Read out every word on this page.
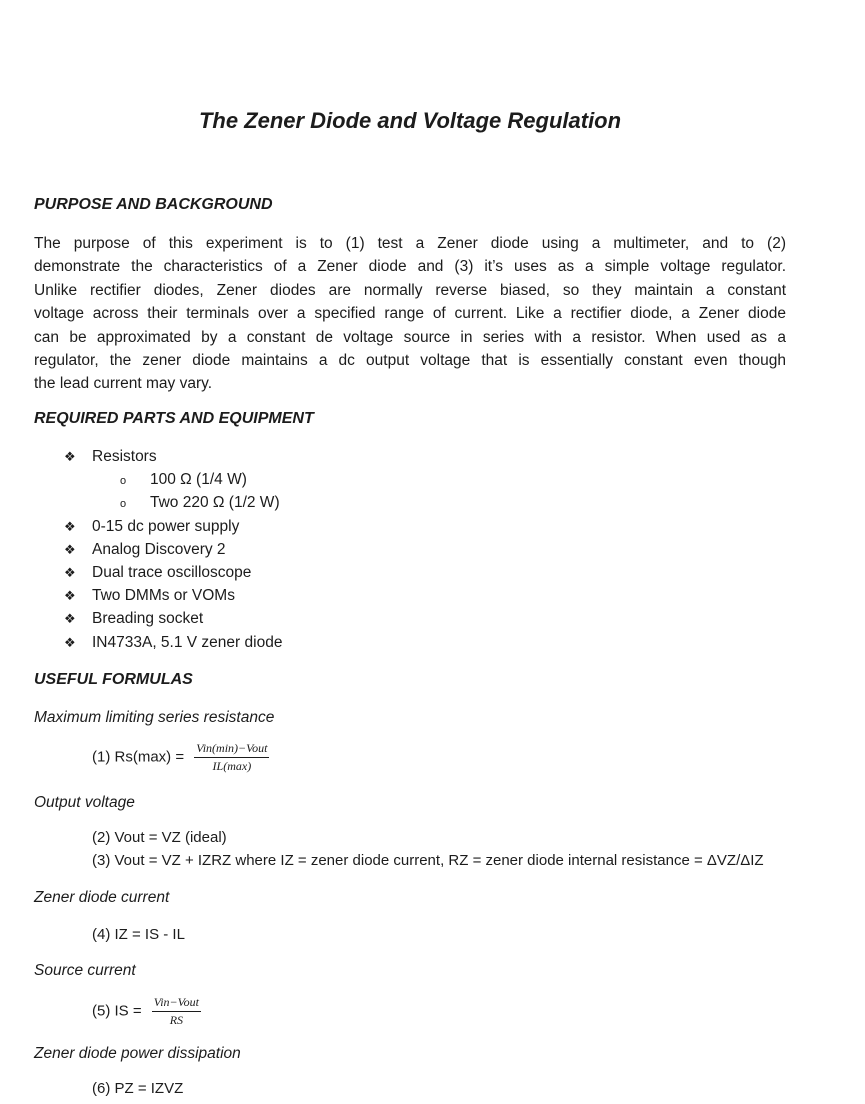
The Zener Diode and Voltage Regulation
PURPOSE AND BACKGROUND
The purpose of this experiment is to (1) test a Zener diode using a multimeter, and to (2)
demonstrate the characteristics of a Zener diode and (3) it’s uses as a simple voltage regulator.
Unlike rectifier diodes, Zener diodes are normally reverse biased, so they maintain a constant
voltage across their terminals over a specified range of current. Like a rectifier diode, a Zener diode
can be approximated by a constant de voltage source in series with a resistor. When used as a
regulator, the zener diode maintains a dc output voltage that is essentially constant even though
the lead current may vary.
REQUIRED PARTS AND EQUIPMENT
❖ Resistors
o 100 Ω (1/4 W)
o Two 220 Ω (1/2 W)
❖ 0-15 dc power supply
❖ Analog Discovery 2
❖ Dual trace oscilloscope
❖ Two DMMs or VOMs
❖ Breading socket
❖ IN4733A, 5.1 V zener diode
USEFUL FORMULAS
Maximum limiting series resistance
(1) $Rs(\max) = \frac{\text{Vin(min)−Vout}}{IL(\max)}$
Output voltage
(2) Vout = VZ (ideal)
(3) Vout = VZ + IZRZ where IZ = zener diode current, RZ = zener diode internal resistance = ΔVZ/ΔIZ
Zener diode current
(4) IZ = IS - IL
Source current
(5) IS = $\frac{\text{Vin−Vout}}{RS}$
Zener diode power dissipation
(6) PZ = IZVZ
